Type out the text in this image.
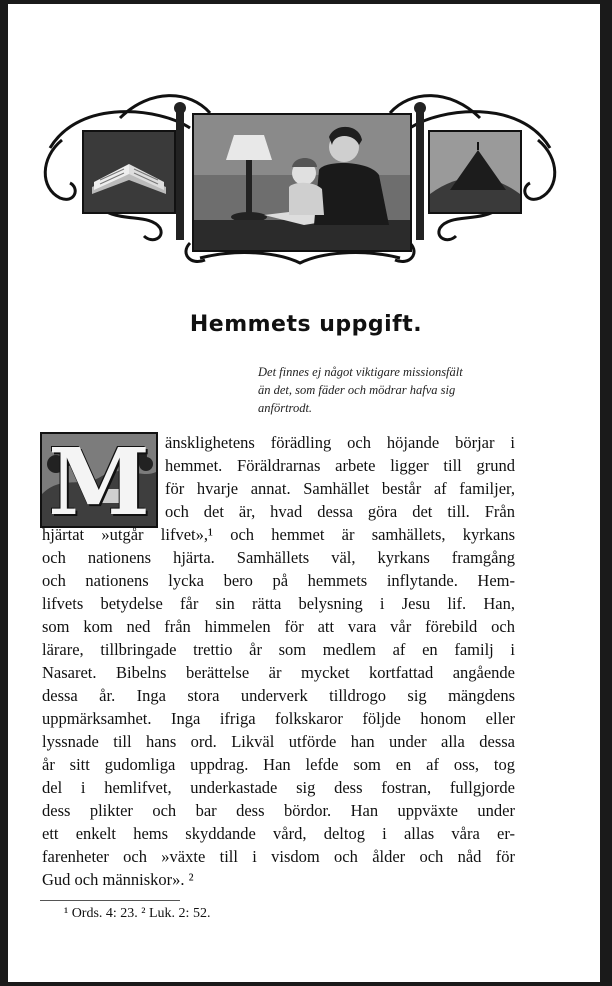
Hemmets uppgift.
Det finnes ej något viktigare missionsfält
än det, som fäder och mödrar hafva sig
anförtrodt.
M änsklighetens förädling och höjande börjar i
hemmet. Föräldrarnas arbete ligger till grund
för hvarje annat. Samhället består af familjer,
och det är, hvad dessa göra det till. Från
hjärtat »utgår lifvet»,¹ och hemmet är samhällets, kyrkans
och nationens hjärta. Samhällets väl, kyrkans framgång
och nationens lycka bero på hemmets inflytande. Hem-
lifvets betydelse får sin rätta belysning i Jesu lif. Han,
som kom ned från himmelen för att vara vår förebild och
lärare, tillbringade trettio år som medlem af en familj i
Nasaret. Bibelns berättelse är mycket kortfattad angående
dessa år. Inga stora underverk tilldrogo sig mängdens
uppmärksamhet. Inga ifriga folkskaror följde honom eller
lyssnade till hans ord. Likväl utförde han under alla dessa
år sitt gudomliga uppdrag. Han lefde som en af oss, tog
del i hemlifvet, underkastade sig dess fostran, fullgjorde
dess plikter och bar dess bördor. Han uppväxte under
ett enkelt hems skyddande vård, deltog i allas våra er-
farenheter och »växte till i visdom och ålder och nåd för
Gud och människor». ²
¹ Ords. 4: 23. ² Luk. 2: 52.
